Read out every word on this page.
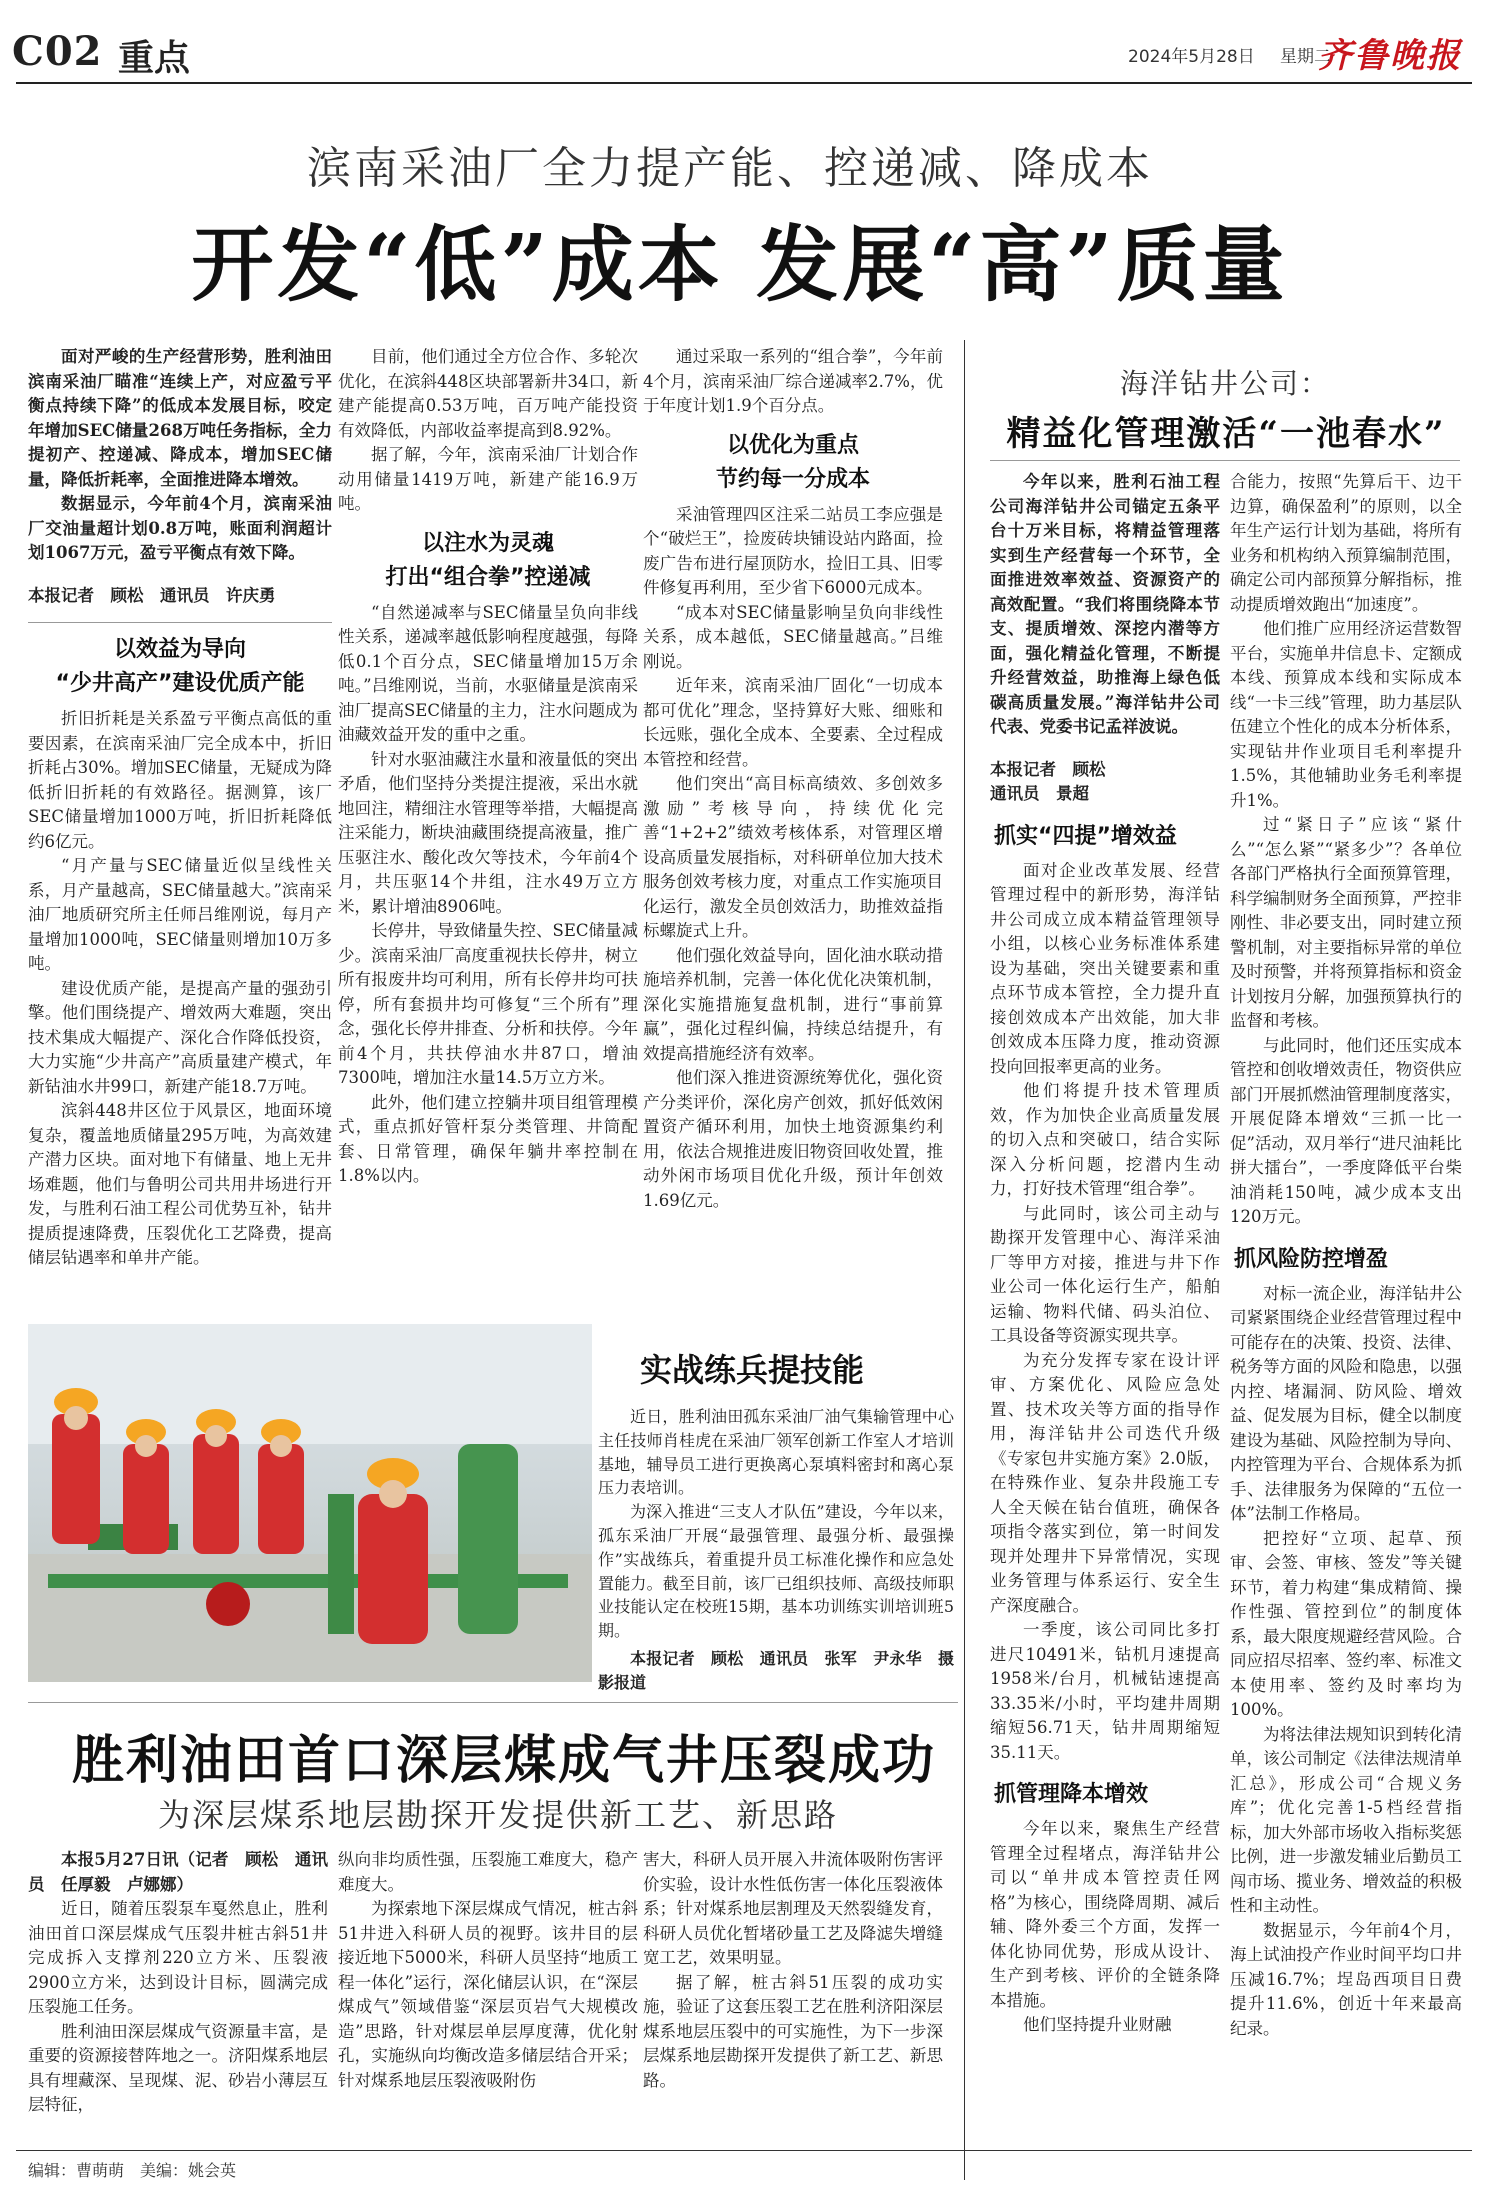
C02 重点	2024年5月28日 星期二
齐鲁晚报
滨南采油厂全力提产能、控递减、降成本
开发“低”成本 发展“高”质量

面对严峻的生产经营形势，胜利油田滨南采油厂瞄准“连续上产，对应盈亏平衡点持续下降”的低成本发展目标，咬定年增加SEC储量268万吨任务指标，全力提初产、控递减、降成本，增加SEC储量，降低折耗率，全面推进降本增效。

数据显示，今年前4个月，滨南采油厂交油量超计划0.8万吨，账面利润超计划1067万元，盈亏平衡点有效下降。

本报记者　顾松　通讯员　许庆勇

以效益为导向
“少井高产”建设优质产能

折旧折耗是关系盈亏平衡点高低的重要因素，在滨南采油厂完全成本中，折旧折耗占30%。增加SEC储量，无疑成为降低折旧折耗的有效路径。据测算，该厂SEC储量增加1000万吨，折旧折耗降低约6亿元。

“月产量与SEC储量近似呈线性关系，月产量越高，SEC储量越大。”滨南采油厂地质研究所主任师吕维刚说，每月产量增加1000吨，SEC储量则增加10万多吨。

建设优质产能，是提高产量的强劲引擎。他们围绕提产、增效两大难题，突出技术集成大幅提产、深化合作降低投资，大力实施“少井高产”高质量建产模式，年新钻油水井99口，新建产能18.7万吨。

滨斜448井区位于风景区，地面环境复杂，覆盖地质储量295万吨，为高效建产潜力区块。面对地下有储量、地上无井场难题，他们与鲁明公司共用井场进行开发，与胜利石油工程公司优势互补，钻井提质提速降费，压裂优化工艺降费，提高储层钻遇率和单井产能。

目前，他们通过全方位合作、多轮次优化，在滨斜448区块部署新井34口，新建产能提高0.53万吨，百万吨产能投资有效降低，内部收益率提高到8.92%。

据了解，今年，滨南采油厂计划合作动用储量1419万吨，新建产能16.9万吨。

以注水为灵魂
打出“组合拳”控递减

“自然递减率与SEC储量呈负向非线性关系，递减率越低影响程度越强，每降低0.1个百分点，SEC储量增加15万余吨。”吕维刚说，当前，水驱储量是滨南采油厂提高SEC储量的主力，注水问题成为油藏效益开发的重中之重。

针对水驱油藏注水量和液量低的突出矛盾，他们坚持分类提注提液，采出水就地回注，精细注水管理等举措，大幅提高注采能力，断块油藏围绕提高液量，推广压驱注水、酸化改欠等技术，今年前4个月，共压驱14个井组，注水49万立方米，累计增油8906吨。

长停井，导致储量失控、SEC储量减少。滨南采油厂高度重视扶长停井，树立所有报废井均可利用，所有长停井均可扶停，所有套损井均可修复“三个所有”理念，强化长停井排查、分析和扶停。今年前4个月，共扶停油水井87口，增油7300吨，增加注水量14.5万立方米。

此外，他们建立控躺井项目组管理模式，重点抓好管杆泵分类管理、井筒配套、日常管理，确保年躺井率控制在1.8%以内。

通过采取一系列的“组合拳”，今年前4个月，滨南采油厂综合递减率2.7%，优于年度计划1.9个百分点。

以优化为重点
节约每一分成本

采油管理四区注采二站员工李应强是个“破烂王”，捡废砖块铺设站内路面，捡废广告布进行屋顶防水，捡旧工具、旧零件修复再利用，至少省下6000元成本。

“成本对SEC储量影响呈负向非线性关系，成本越低，SEC储量越高。”吕维刚说。

近年来，滨南采油厂固化“一切成本都可优化”理念，坚持算好大账、细账和长远账，强化全成本、全要素、全过程成本管控和经营。

他们突出“高目标高绩效、多创效多激励”考核导向，持续优化完善“1+2+2”绩效考核体系，对管理区增设高质量发展指标，对科研单位加大技术服务创效考核力度，对重点工作实施项目化运行，激发全员创效活力，助推效益指标螺旋式上升。

他们强化效益导向，固化油水联动措施培养机制，完善一体化优化决策机制，深化实施措施复盘机制，进行“事前算赢”，强化过程纠偏，持续总结提升，有效提高措施经济有效率。

他们深入推进资源统筹优化，强化资产分类评价，深化房产创效，抓好低效闲置资产循环利用，加快土地资源集约利用，依法合规推进废旧物资回收处置，推动外闲市场项目优化升级，预计年创效1.69亿元。

实战练兵提技能

近日，胜利油田孤东采油厂油气集输管理中心主任技师肖桂虎在采油厂领军创新工作室人才培训基地，辅导员工进行更换离心泵填料密封和离心泵压力表培训。

为深入推进“三支人才队伍”建设，今年以来，孤东采油厂开展“最强管理、最强分析、最强操作”实战练兵，着重提升员工标准化操作和应急处置能力。截至目前，该厂已组织技师、高级技师职业技能认定在校班15期，基本功训练实训培训班5期。

本报记者　顾松　通讯员　张军　尹永华　摄影报道

胜利油田首口深层煤成气井压裂成功
为深层煤系地层勘探开发提供新工艺、新思路

本报5月27日讯（记者　顾松　通讯员　任厚毅　卢娜娜）

近日，随着压裂泵车戛然息止，胜利油田首口深层煤成气压裂井桩古斜51井完成拆入支撑剂220立方米、压裂液2900立方米，达到设计目标，圆满完成压裂施工任务。

胜利油田深层煤成气资源量丰富，是重要的资源接替阵地之一。济阳煤系地层具有埋藏深、呈现煤、泥、砂岩小薄层互层特征，

纵向非均质性强，压裂施工难度大，稳产难度大。

为探索地下深层煤成气情况，桩古斜51井进入科研人员的视野。该井目的层接近地下5000米，科研人员坚持“地质工程一体化”运行，深化储层认识，在“深层煤成气”领域借鉴“深层页岩气大规模改造”思路，针对煤层单层厚度薄，优化射孔，实施纵向均衡改造多储层结合开采；针对煤系地层压裂液吸附伤

害大，科研人员开展入井流体吸附伤害评价实验，设计水性低伤害一体化压裂液体系；针对煤系地层割理及天然裂缝发育，科研人员优化暂堵砂量工艺及降滤失增缝宽工艺，效果明显。

据了解，桩古斜51压裂的成功实施，验证了这套压裂工艺在胜利济阳深层煤系地层压裂中的可实施性，为下一步深层煤系地层勘探开发提供了新工艺、新思路。

海洋钻井公司：
精益化管理激活“一池春水”

今年以来，胜利石油工程公司海洋钻井公司锚定五条平台十万米目标，将精益管理落实到生产经营每一个环节，全面推进效率效益、资源资产的高效配置。“我们将围绕降本节支、提质增效、深挖内潜等方面，强化精益化管理，不断提升经营效益，助推海上绿色低碳高质量发展。”海洋钻井公司代表、党委书记孟祥波说。

本报记者　顾松

通讯员　景超

抓实“四提”增效益

面对企业改革发展、经营管理过程中的新形势，海洋钻井公司成立成本精益管理领导小组，以核心业务标准体系建设为基础，突出关键要素和重点环节成本管控，全力提升直接创效成本产出效能，加大非创效成本压降力度，推动资源投向回报率更高的业务。

他们将提升技术管理质效，作为加快企业高质量发展的切入点和突破口，结合实际深入分析问题，挖潜内生动力，打好技术管理“组合拳”。

与此同时，该公司主动与勘探开发管理中心、海洋采油厂等甲方对接，推进与井下作业公司一体化运行生产，船舶运输、物料代储、码头泊位、工具设备等资源实现共享。

为充分发挥专家在设计评审、方案优化、风险应急处置、技术攻关等方面的指导作用，海洋钻井公司迭代升级《专家包井实施方案》2.0版，在特殊作业、复杂井段施工专人全天候在钻台值班，确保各项指令落实到位，第一时间发现并处理井下异常情况，实现业务管理与体系运行、安全生产深度融合。

一季度，该公司同比多打进尺10491米，钻机月速提高1958米/台月，机械钻速提高33.35米/小时，平均建井周期缩短56.71天，钻井周期缩短35.11天。

抓管理降本增效

今年以来，聚焦生产经营管理全过程堵点，海洋钻井公司以“单井成本管控责任网格”为核心，围绕降周期、减后辅、降外委三个方面，发挥一体化协同优势，形成从设计、生产到考核、评价的全链条降本措施。

他们坚持提升业财融

合能力，按照“先算后干、边干边算，确保盈利”的原则，以全年生产运行计划为基础，将所有业务和机构纳入预算编制范围，确定公司内部预算分解指标，推动提质增效跑出“加速度”。

他们推广应用经济运营数智平台，实施单井信息卡、定额成本线、预算成本线和实际成本线“一卡三线”管理，助力基层队伍建立个性化的成本分析体系，实现钻井作业项目毛利率提升1.5%，其他辅助业务毛利率提升1%。

过“紧日子”应该“紧什么”“怎么紧”“紧多少”？各单位各部门严格执行全面预算管理，科学编制财务全面预算，严控非刚性、非必要支出，同时建立预警机制，对主要指标异常的单位及时预警，并将预算指标和资金计划按月分解，加强预算执行的监督和考核。

与此同时，他们还压实成本管控和创收增效责任，物资供应部门开展抓燃油管理制度落实，开展促降本增效“三抓一比一促”活动，双月举行“进尺油耗比拼大擂台”，一季度降低平台柴油消耗150吨，减少成本支出120万元。

抓风险防控增盈

对标一流企业，海洋钻井公司紧紧围绕企业经营管理过程中可能存在的决策、投资、法律、税务等方面的风险和隐患，以强内控、堵漏洞、防风险、增效益、促发展为目标，健全以制度建设为基础、风险控制为导向、内控管理为平台、合规体系为抓手、法律服务为保障的“五位一体”法制工作格局。

把控好“立项、起草、预审、会签、审核、签发”等关键环节，着力构建“集成精简、操作性强、管控到位”的制度体系，最大限度规避经营风险。合同应招尽招率、签约率、标准文本使用率、签约及时率均为100%。

为将法律法规知识到转化清单，该公司制定《法律法规清单汇总》，形成公司“合规义务库”；优化完善1-5档经营指标，加大外部市场收入指标奖惩比例，进一步激发辅业后勤员工闯市场、揽业务、增效益的积极性和主动性。

数据显示，今年前4个月，海上试油投产作业时间平均口井压减16.7%；埕岛西项目日费提升11.6%，创近十年来最高纪录。

编辑：曹萌萌　美编：姚会英
